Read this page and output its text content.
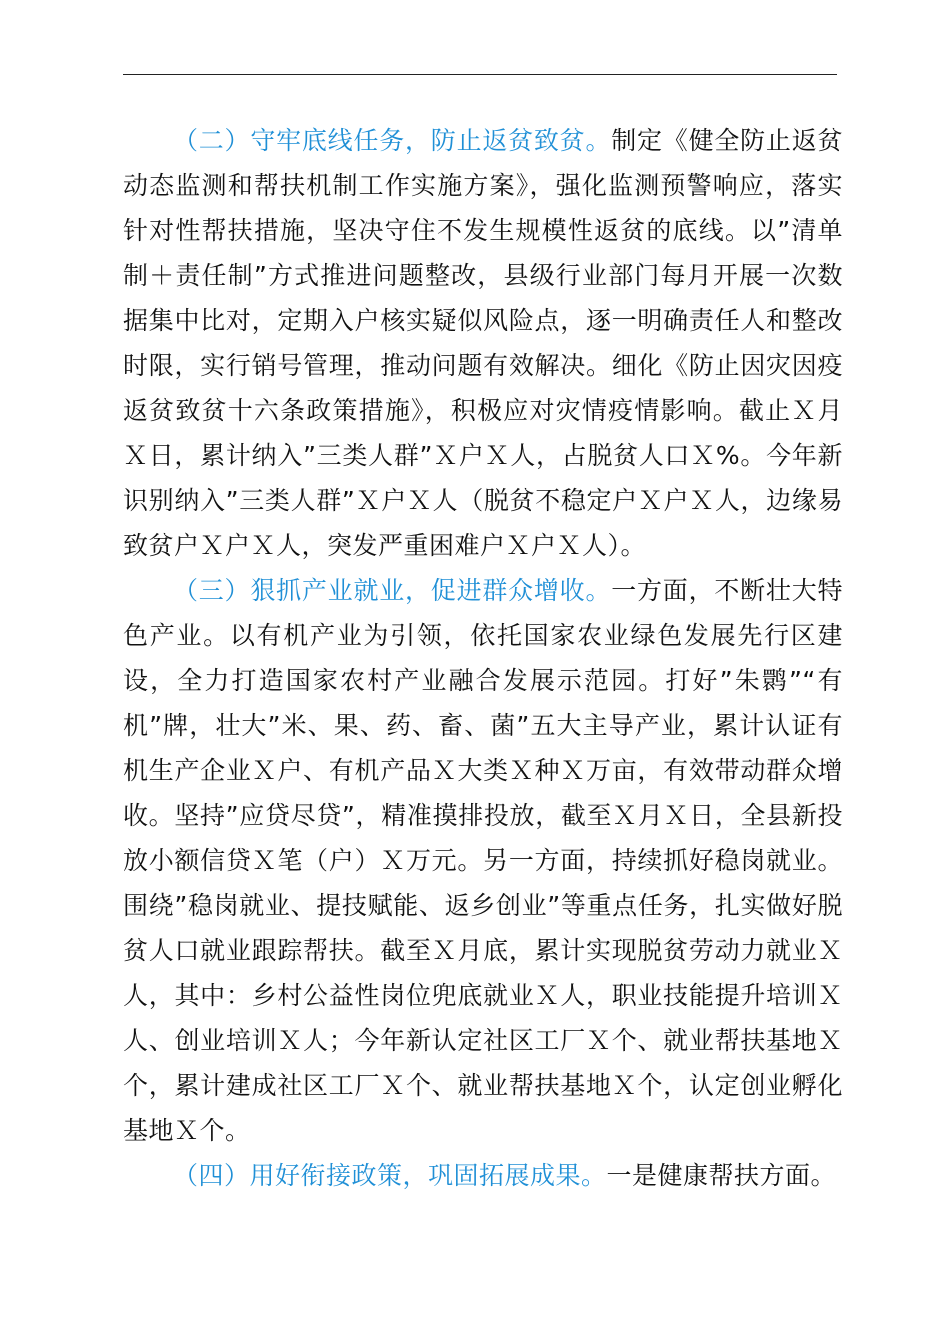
（二）守牢底线任务，防止返贫致贫。制定《健全防止返贫动态监测和帮扶机制工作实施方案》，强化监测预警响应，落实针对性帮扶措施，坚决守住不发生规模性返贫的底线。以”清单制＋责任制”方式推进问题整改，县级行业部门每月开展一次数据集中比对，定期入户核实疑似风险点，逐一明确责任人和整改时限，实行销号管理，推动问题有效解决。细化《防止因灾因疫返贫致贫十六条政策措施》，积极应对灾情疫情影响。截止Ｘ月Ｘ日，累计纳入”三类人群”Ｘ户Ｘ人，占脱贫人口Ｘ%。今年新识别纳入”三类人群”Ｘ户Ｘ人（脱贫不稳定户Ｘ户Ｘ人，边缘易致贫户Ｘ户Ｘ人，突发严重困难户Ｘ户Ｘ人）。

（三）狠抓产业就业，促进群众增收。一方面，不断壮大特色产业。以有机产业为引领，依托国家农业绿色发展先行区建设，全力打造国家农村产业融合发展示范园。打好”朱鹮”“有机”牌，壮大”米、果、药、畜、菌”五大主导产业，累计认证有机生产企业Ｘ户、有机产品Ｘ大类Ｘ种Ｘ万亩，有效带动群众增收。坚持”应贷尽贷”，精准摸排投放，截至Ｘ月Ｘ日，全县新投放小额信贷Ｘ笔（户）Ｘ万元。另一方面，持续抓好稳岗就业。围绕”稳岗就业、提技赋能、返乡创业”等重点任务，扎实做好脱贫人口就业跟踪帮扶。截至Ｘ月底，累计实现脱贫劳动力就业Ｘ人，其中：乡村公益性岗位兜底就业Ｘ人，职业技能提升培训Ｘ人、创业培训Ｘ人；今年新认定社区工厂Ｘ个、就业帮扶基地Ｘ个，累计建成社区工厂Ｘ个、就业帮扶基地Ｘ个，认定创业孵化基地Ｘ个。

（四）用好衔接政策，巩固拓展成果。一是健康帮扶方面。
